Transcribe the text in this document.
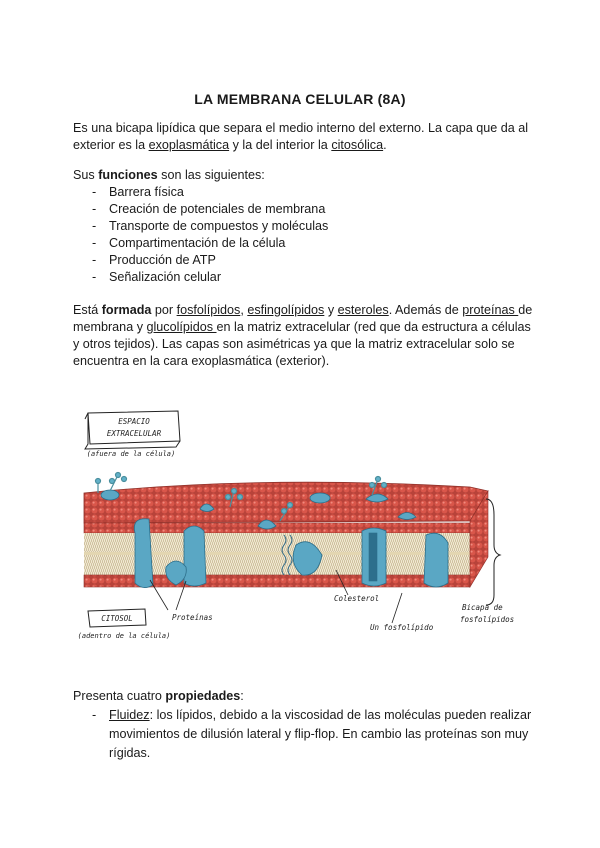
LA MEMBRANA CELULAR (8A)

Es una bicapa lipídica que separa el medio interno del externo. La capa que da al exterior es la exoplasmática y la del interior la citosólica.

Sus funciones son las siguientes:

- Barrera física
- Creación de potenciales de membrana
- Transporte de compuestos y moléculas
- Compartimentación de la célula
- Producción de ATP
- Señalización celular

Está formada por fosfolípidos, esfingolípidos y esteroles. Además de proteínas de membrana y glucolípidos en la matriz extracelular (red que da estructura a células y otros tejidos). Las capas son asimétricas ya que la matriz extracelular solo se encuentra en la cara exoplasmática (exterior).

ESPACIO
EXTRACELULAR
(afuera de la célula)
CITOSOL
(adentro de la célula)
Proteínas
Colesterol
Un fosfolípido
Bicapa de
fosfolípidos

Presenta cuatro propiedades:

- Fluidez: los lípidos, debido a la viscosidad de las moléculas pueden realizar movimientos de dilusión lateral y flip-flop. En cambio las proteínas son muy rígidas.
